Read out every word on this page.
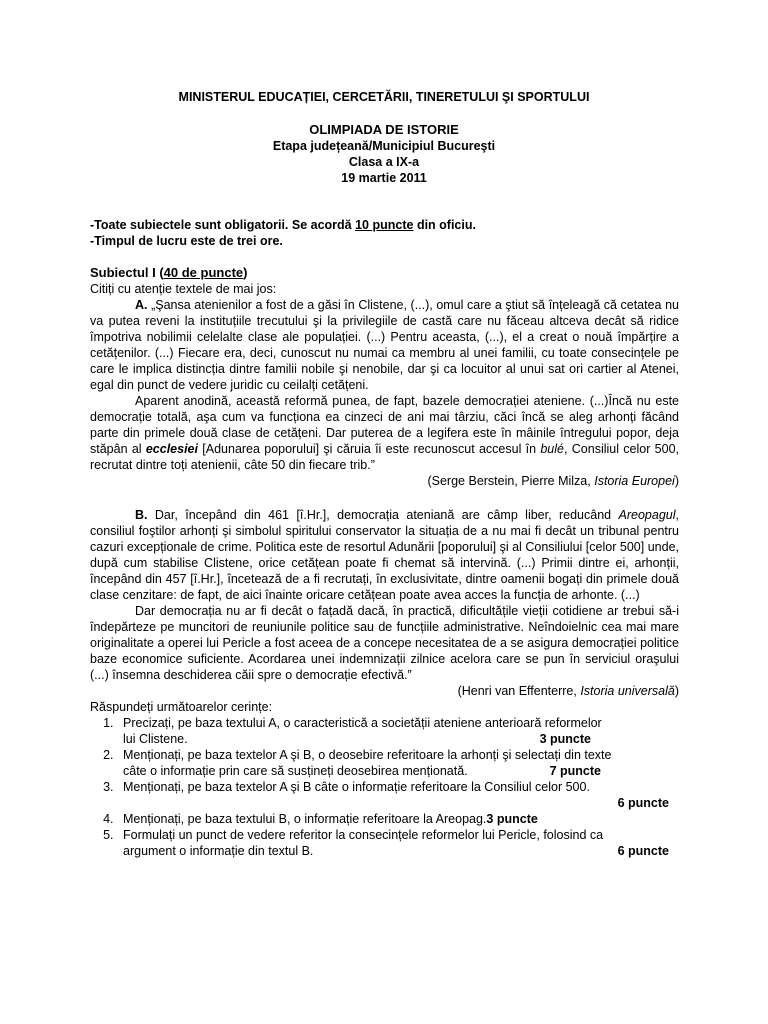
MINISTERUL EDUCAȚIEI, CERCETĂRII, TINERETULUI ŞI SPORTULUI
OLIMPIADA DE ISTORIE
Etapa județeană/Municipiul Bucureşti
Clasa a IX-a
19 martie 2011
-Toate subiectele sunt obligatorii. Se acordă 10 puncte din oficiu.
-Timpul de lucru este de trei ore.
Subiectul I (40 de puncte)
Citiți cu atenție textele de mai jos:
A. „Şansa atenienilor a fost de a găsi în Clistene, (...), omul care a ştiut să înțeleagă că cetatea nu va putea reveni la instituțiile trecutului şi la privilegiile de castă care nu făceau altceva decât să ridice împotriva nobilimii celelalte clase ale populației. (...) Pentru aceasta, (...), el a creat o nouă împărțire a cetățenilor. (...) Fiecare era, deci, cunoscut nu numai ca membru al unei familii, cu toate consecințele pe care le implica distincția dintre familii nobile şi nenobile, dar şi ca locuitor al unui sat ori cartier al Atenei, egal din punct de vedere juridic cu ceilalți cetățeni.
Aparent anodină, această reformă punea, de fapt, bazele democrației ateniene. (...)Încă nu este democrație totală, aşa cum va funcționa ea cinzeci de ani mai târziu, căci încă se aleg arhonți făcând parte din primele două clase de cetățeni. Dar puterea de a legifera este în mâinile întregului popor, deja stăpân al ecclesiei [Adunarea poporului] şi căruia îi este recunoscut accesul în bulé, Consiliul celor 500, recrutat dintre toți atenienii, câte 50 din fiecare trib.”
(Serge Berstein, Pierre Milza, Istoria Europei)
B. Dar, începând din 461 [î.Hr.], democrația ateniană are câmp liber, reducând Areopagul, consiliul foştilor arhonți şi simbolul spiritului conservator la situația de a nu mai fi decât un tribunal pentru cazuri excepționale de crime. Politica este de resortul Adunării [poporului] şi al Consiliului [celor 500] unde, după cum stabilise Clistene, orice cetățean poate fi chemat să intervină. (...) Primii dintre ei, arhonții, începând din 457 [î.Hr.], încetează de a fi recrutați, în exclusivitate, dintre oamenii bogați din primele două clase cenzitare: de fapt, de aici înainte oricare cetățean poate avea acces la funcția de arhonte. (...)
Dar democrația nu ar fi decât o fațadă dacă, în practică, dificultățile vieții cotidiene ar trebui să-i îndepărteze pe muncitori de reuniunile politice sau de funcțiile administrative. Neîndoielnic cea mai mare originalitate a operei lui Pericle a fost aceea de a concepe necesitatea de a se asigura democrației politice baze economice suficiente. Acordarea unei indemnizații zilnice acelora care se pun în serviciul oraşului (...) însemna deschiderea căii spre o democrație efectivă.”
(Henri van Effenterre, Istoria universală)
Răspundeți următoarelor cerințe:
1. Precizați, pe baza textului A, o caracteristică a societății ateniene anterioară reformelor
lui Clistene.	3 puncte
2. Menționați, pe baza textelor A şi B, o deosebire referitoare la arhonți şi selectați din texte
câte o informație prin care să susțineți deosebirea menționată.	7 puncte
3. Menționați, pe baza textelor A şi B câte o informație referitoare la Consiliul celor 500.
6 puncte
4. Menționați, pe baza textului B, o informație referitoare la Areopag.3 puncte
5. Formulați un punct de vedere referitor la consecințele reformelor lui Pericle, folosind ca
argument o informație din textul B.	6 puncte
